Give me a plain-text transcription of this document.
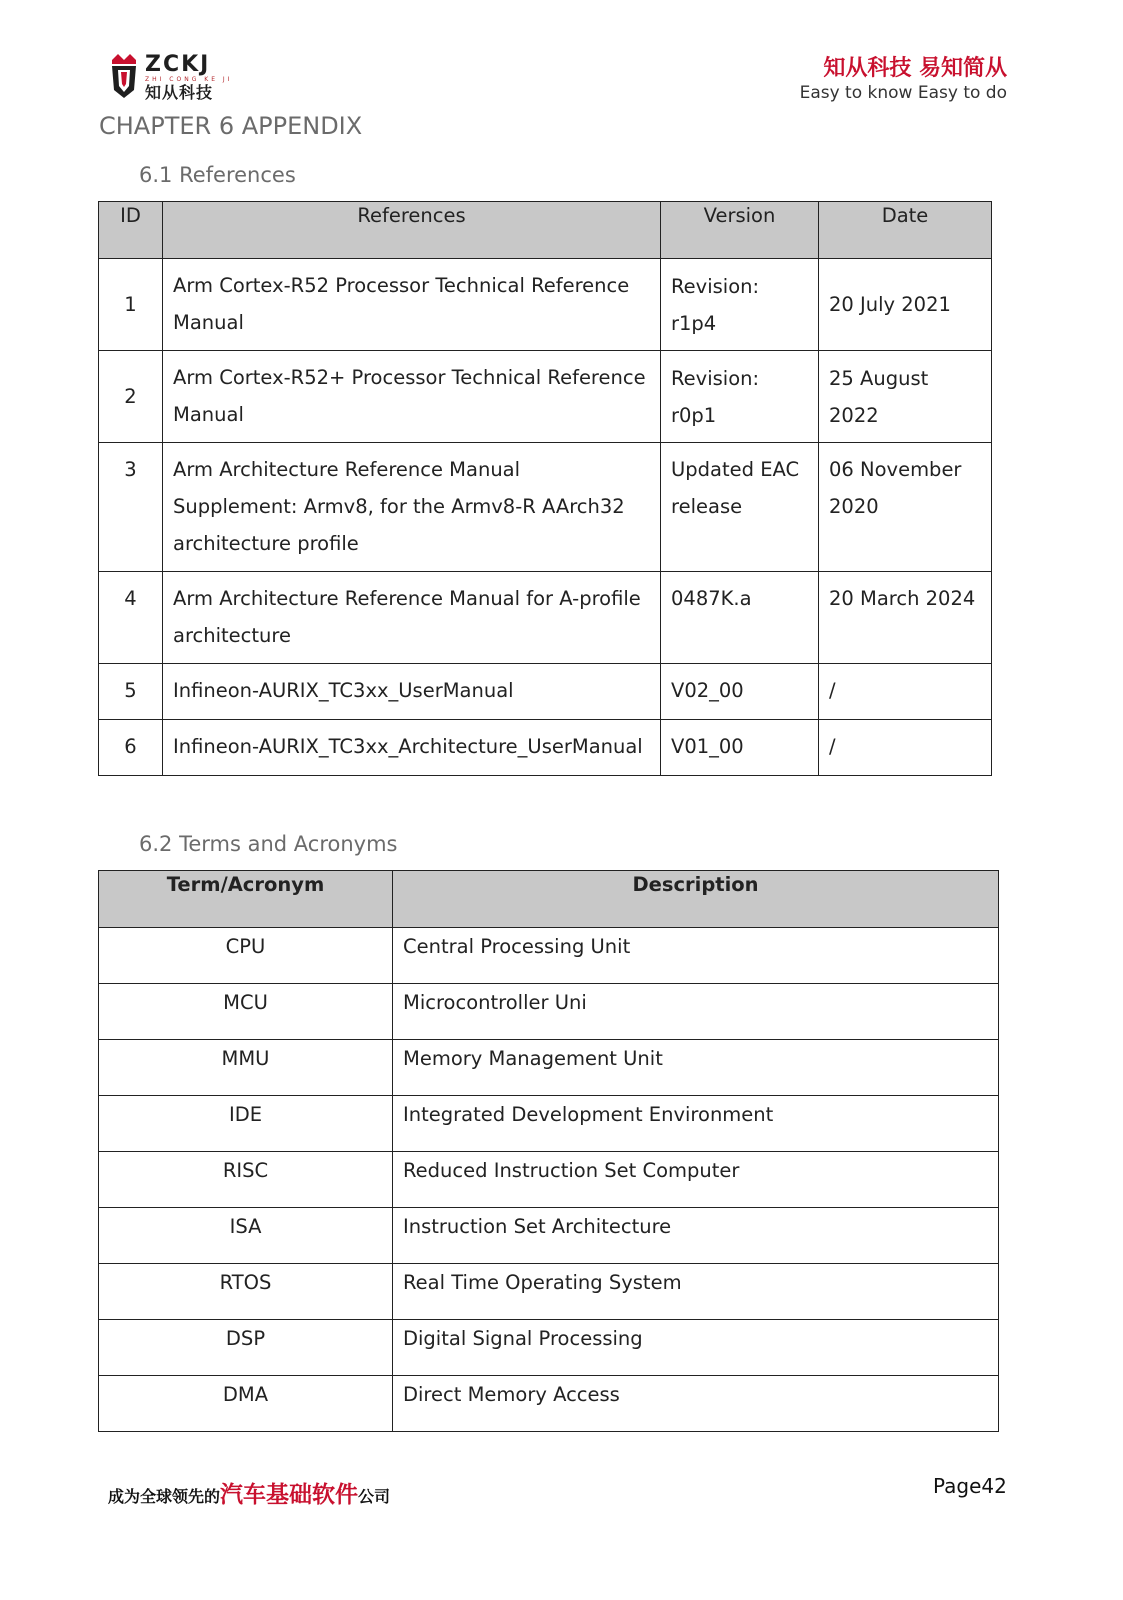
ZCKJ
ZHI CONG KE JI
知从科技
知从科技 易知简从
Easy to know Easy to do
CHAPTER 6 APPENDIX
6.1 References
ID	References	Version	Date
1	Arm Cortex-R52 Processor Technical Reference Manual	Revision: r1p4	20 July 2021
2	Arm Cortex-R52+ Processor Technical Reference Manual	Revision: r0p1	25 August 2022
3	Arm Architecture Reference Manual Supplement: Armv8, for the Armv8-R AArch32 architecture profile	Updated EAC release	06 November 2020
4	Arm Architecture Reference Manual for A-profile architecture	0487K.a	20 March 2024
5	Infineon-AURIX_TC3xx_UserManual	V02_00	/
6	Infineon-AURIX_TC3xx_Architecture_UserManual	V01_00	/
6.2 Terms and Acronyms
Term/Acronym	Description
CPU	Central Processing Unit
MCU	Microcontroller Uni
MMU	Memory Management Unit
IDE	Integrated Development Environment
RISC	Reduced Instruction Set Computer
ISA	Instruction Set Architecture
RTOS	Real Time Operating System
DSP	Digital Signal Processing
DMA	Direct Memory Access
成为全球领先的汽车基础软件公司	Page42
